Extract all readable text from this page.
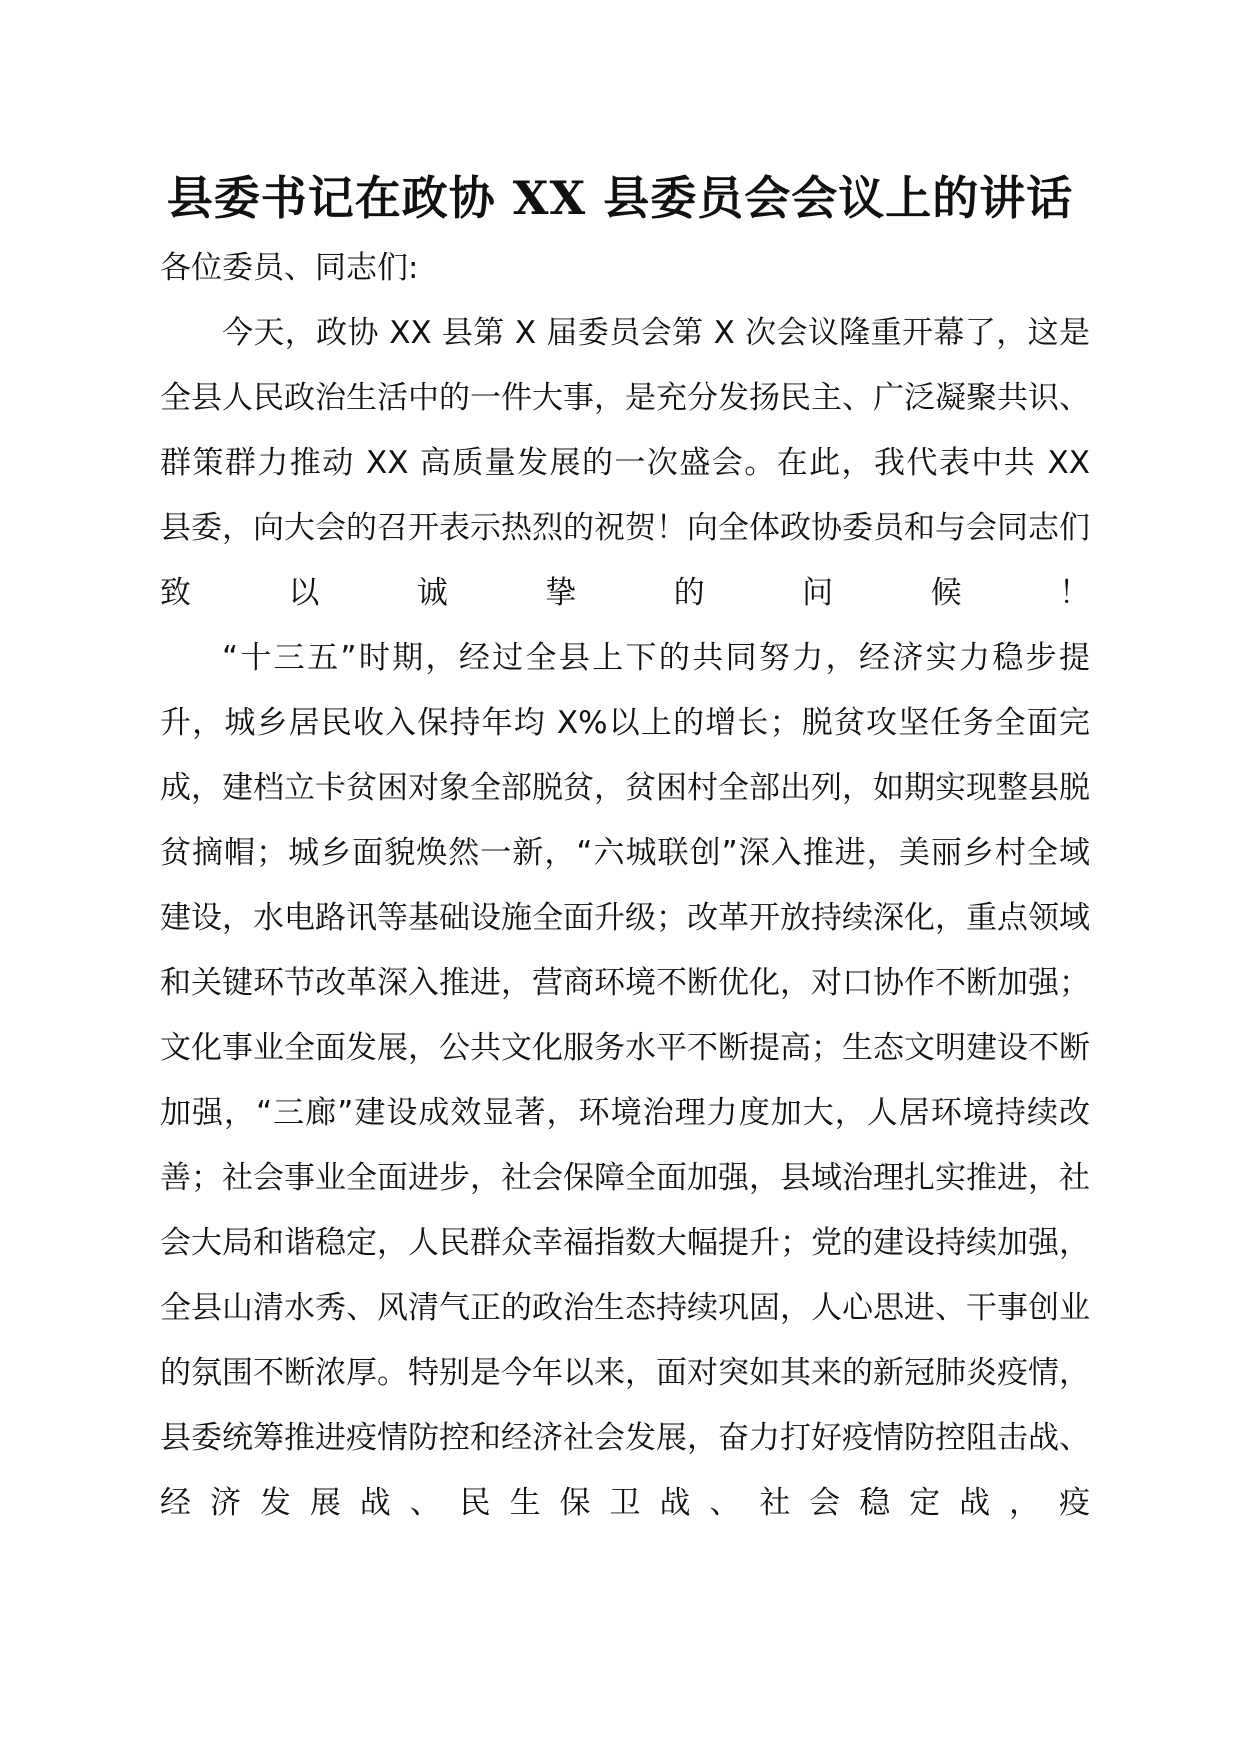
县委书记在政协 XX 县委员会会议上的讲话

各位委员、同志们:

今天，政协 XX 县第 X 届委员会第 X 次会议隆重开幕了，这是全县人民政治生活中的一件大事，是充分发扬民主、广泛凝聚共识、群策群力推动 XX 高质量发展的一次盛会。在此，我代表中共 XX 县委，向大会的召开表示热烈的祝贺！向全体政协委员和与会同志们致以诚挚的问候！

“十三五”时期，经过全县上下的共同努力，经济实力稳步提升，城乡居民收入保持年均 X%以上的增长；脱贫攻坚任务全面完成，建档立卡贫困对象全部脱贫，贫困村全部出列，如期实现整县脱贫摘帽；城乡面貌焕然一新，“六城联创”深入推进，美丽乡村全域建设，水电路讯等基础设施全面升级；改革开放持续深化，重点领域和关键环节改革深入推进，营商环境不断优化，对口协作不断加强；文化事业全面发展，公共文化服务水平不断提高；生态文明建设不断加强，“三廊”建设成效显著，环境治理力度加大，人居环境持续改善；社会事业全面进步，社会保障全面加强，县域治理扎实推进，社会大局和谐稳定，人民群众幸福指数大幅提升；党的建设持续加强，全县山清水秀、风清气正的政治生态持续巩固，人心思进、干事创业的氛围不断浓厚。特别是今年以来，面对突如其来的新冠肺炎疫情，县委统筹推进疫情防控和经济社会发展，奋力打好疫情防控阻击战、经济发展战、民生保卫战、社会稳定战，疫
